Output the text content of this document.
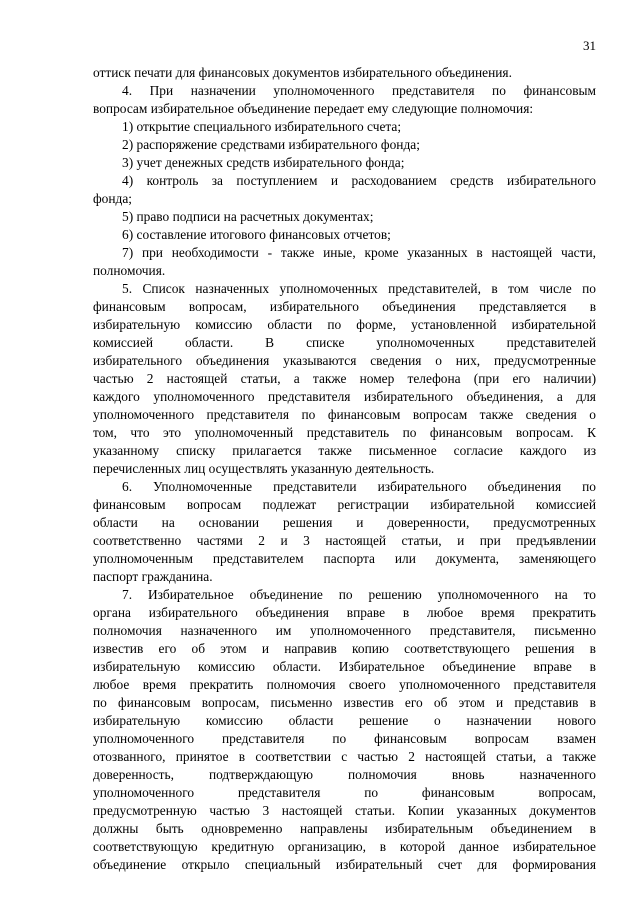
31
оттиск печати для финансовых документов избирательного объединения.
4. При назначении уполномоченного представителя по финансовым
вопросам избирательное объединение передает ему следующие полномочия:
1) открытие специального избирательного счета;
2) распоряжение средствами избирательного фонда;
3) учет денежных средств избирательного фонда;
4) контроль за поступлением и расходованием средств избирательного
фонда;
5) право подписи на расчетных документах;
6) составление итогового финансовых отчетов;
7) при необходимости - также иные, кроме указанных в настоящей части,
полномочия.
5. Список назначенных уполномоченных представителей, в том числе по
финансовым вопросам, избирательного объединения представляется в
избирательную комиссию области по форме, установленной избирательной
комиссией области. В списке уполномоченных представителей
избирательного объединения указываются сведения о них, предусмотренные
частью 2 настоящей статьи, а также номер телефона (при его наличии)
каждого уполномоченного представителя избирательного объединения, а для
уполномоченного представителя по финансовым вопросам также сведения о
том, что это уполномоченный представитель по финансовым вопросам. К
указанному списку прилагается также письменное согласие каждого из
перечисленных лиц осуществлять указанную деятельность.
6. Уполномоченные представители избирательного объединения по
финансовым вопросам подлежат регистрации избирательной комиссией
области на основании решения и доверенности, предусмотренных
соответственно частями 2 и 3 настоящей статьи, и при предъявлении
уполномоченным представителем паспорта или документа, заменяющего
паспорт гражданина.
7. Избирательное объединение по решению уполномоченного на то
органа избирательного объединения вправе в любое время прекратить
полномочия назначенного им уполномоченного представителя, письменно
известив его об этом и направив копию соответствующего решения в
избирательную комиссию области. Избирательное объединение вправе в
любое время прекратить полномочия своего уполномоченного представителя
по финансовым вопросам, письменно известив его об этом и представив в
избирательную комиссию области решение о назначении нового
уполномоченного представителя по финансовым вопросам взамен
отозванного, принятое в соответствии с частью 2 настоящей статьи, а также
доверенность, подтверждающую полномочия вновь назначенного
уполномоченного представителя по финансовым вопросам,
предусмотренную частью 3 настоящей статьи. Копии указанных документов
должны быть одновременно направлены избирательным объединением в
соответствующую кредитную организацию, в которой данное избирательное
объединение открыло специальный избирательный счет для формирования
